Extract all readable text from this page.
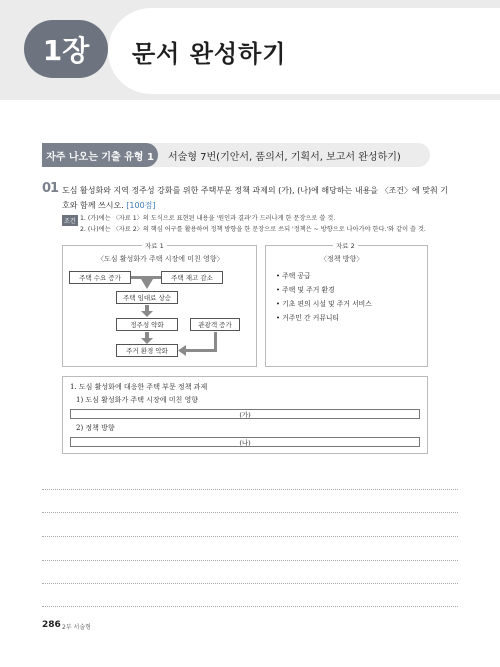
1장	문서 완성하기
자주 나오는 기출 유형 1	서술형 7번(기안서, 품의서, 기획서, 보고서 완성하기)
01 도심 활성화와 지역 정주성 강화를 위한 주택부문 정책 과제의 (가), (나)에 해당하는 내용을 〈조건〉에 맞춰 기호와 함께 쓰시오. [100점]
조건 1. (가)에는 〈자료 1〉의 도식으로 표현된 내용을 '원인과 결과'가 드러나게 한 문장으로 쓸 것.
2. (나)에는 〈자료 2〉의 핵심 어구를 활용하여 정책 방향을 한 문장으로 쓰되 '정책은 ~ 방향으로 나아가야 한다.'와 같이 쓸 것.
자료 1
〈도심 활성화가 주택 시장에 미친 영향〉
주택 수요 증가	주택 재고 감소
주택 임대료 상승
정주성 약화	관광객 증가
주거 환경 악화
자료 2
〈정책 방향〉
• 주택 공급
• 주택 및 주거 환경
• 기초 편의 시설 및 주거 서비스
• 거주민 간 커뮤니티
1. 도심 활성화에 대응한 주택 부문 정책 과제
1) 도심 활성화가 주택 시장에 미친 영향
(가)
2) 정책 방향
(나)
286 2부 서술형
